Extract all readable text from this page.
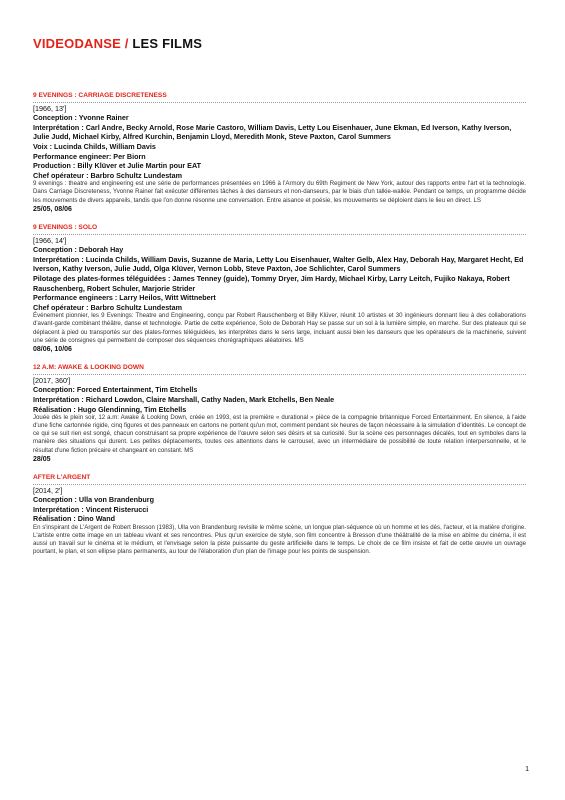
VIDEODANSE / LES FILMS

9 EVENINGS : CARRIAGE DISCRETENESS

[1966, 13']

Conception : Yvonne Rainer

Interprétation : Carl Andre, Becky Arnold, Rose Marie Castoro, William Davis, Letty Lou Eisenhauer, June Ekman, Ed Iverson, Kathy Iverson, Julie Judd, Michael Kirby, Alfred Kurchin, Benjamin Lloyd, Meredith Monk, Steve Paxton, Carol Summers

Voix : Lucinda Childs, William Davis

Performance engineer: Per Biorn

Production : Billy Klüver et Julie Martin pour EAT

Chef opérateur : Barbro Schultz Lundestam

9 evenings : theatre and engineering est une série de performances présentées en 1966 à l'Armory du 69th Regiment de New York, autour des rapports entre l'art et la technologie. Dans Carriage Discreteness, Yvonne Rainer fait exécuter différentes tâches à des danseurs et non-danseurs, par le biais d'un talkie-walkie. Pendant ce temps, un programme décide les mouvements de divers appareils, tandis que l'on donne résonne une conversation. Entre aisance et poésie, les mouvements se déploient dans le lieu en direct. LS

25/05, 08/06

9 EVENINGS : SOLO

[1966, 14']

Conception : Deborah Hay

Interprétation : Lucinda Childs, William Davis, Suzanne de Maria, Letty Lou Eisenhauer, Walter Gelb, Alex Hay, Deborah Hay, Margaret Hecht, Ed Iverson, Kathy Iverson, Julie Judd, Olga Klüver, Vernon Lobb, Steve Paxton, Joe Schlichter, Carol Summers

Pilotage des plates-formes téléguidées : James Tenney (guide), Tommy Dryer, Jim Hardy, Michael Kirby, Larry Leitch, Fujiko Nakaya, Robert Rauschenberg, Robert Schuler, Marjorie Strider

Performance engineers : Larry Heilos, Witt Wittnebert

Chef opérateur : Barbro Schultz Lundestam

Événement pionnier, les 9 Evenings: Theatre and Engineering, conçu par Robert Rauschenberg et Billy Klüver, réunit 10 artistes et 30 ingénieurs donnant lieu à des collaborations d'avant-garde combinant théâtre, danse et technologie. Partie de cette expérience, Solo de Deborah Hay se passe sur un sol à la lumière simple, en marche. Sur des plateaux qui se déplacent à pied ou transportés sur des plates-formes téléguidées, les interprètes dans le sens large, incluant aussi bien les danseurs que les opérateurs de la machinerie, suivent une série de consignes qui permettent de composer des séquences chorégraphiques aléatoires. MS

08/06, 10/06

12 A.M: AWAKE & LOOKING DOWN

[2017, 360']

Conception: Forced Entertainment, Tim Etchells

Interprétation : Richard Lowdon, Claire Marshall, Cathy Naden, Mark Etchells, Ben Neale

Réalisation : Hugo Glendinning, Tim Etchells

Jouée dès le plein soir, 12 a.m: Awake & Looking Down, créée en 1993, est la première « durational » pièce de la compagnie britannique Forced Entertainment. En silence, à l'aide d'une fiche cartonnée rigide, cinq figures et des panneaux en cartons ne portent qu'un mot, comment pendant six heures de façon nécessaire à la simulation d'identités. Le concept de ce qui se suit rien est songé, chacun construisant sa propre expérience de l'œuvre selon ses désirs et sa curiosité. Sur la scène ces personnages décalés, tout en symboles dans la manière des situations qui durent. Les petites déplacements, toutes ces attentions dans le carrousel, avec un intermédiaire de possibilité de toute relation interpersonnelle, et le résultat d'une fiction précaire et changeant en constant. MS

28/05

AFTER L'ARGENT

[2014, 2']

Conception : Ulla von Brandenburg

Interprétation : Vincent Risterucci

Réalisation : Dino Wand

En s'inspirant de L'Argent de Robert Bresson (1983), Ulla von Brandenburg revisite le même scène, un longue plan-séquence où un homme et les dés, l'acteur, et la matière d'origine. L'artiste entre cette image en un tableau vivant et ses rencontres. Plus qu'un exercice de style, son film concentre à Bresson d'une théâtralité de la mise en abîme du cinéma, il est aussi un travail sur le cinéma et le médium, et l'envisage selon la piste puissante du geste artificielle dans le temps. Le choix de ce film insiste et fait de cette œuvre un ouvrage pourtant, le plan, et son ellipse plans permanents, au tour de l'élaboration d'un plan de l'image pour les points de suspension.

1
